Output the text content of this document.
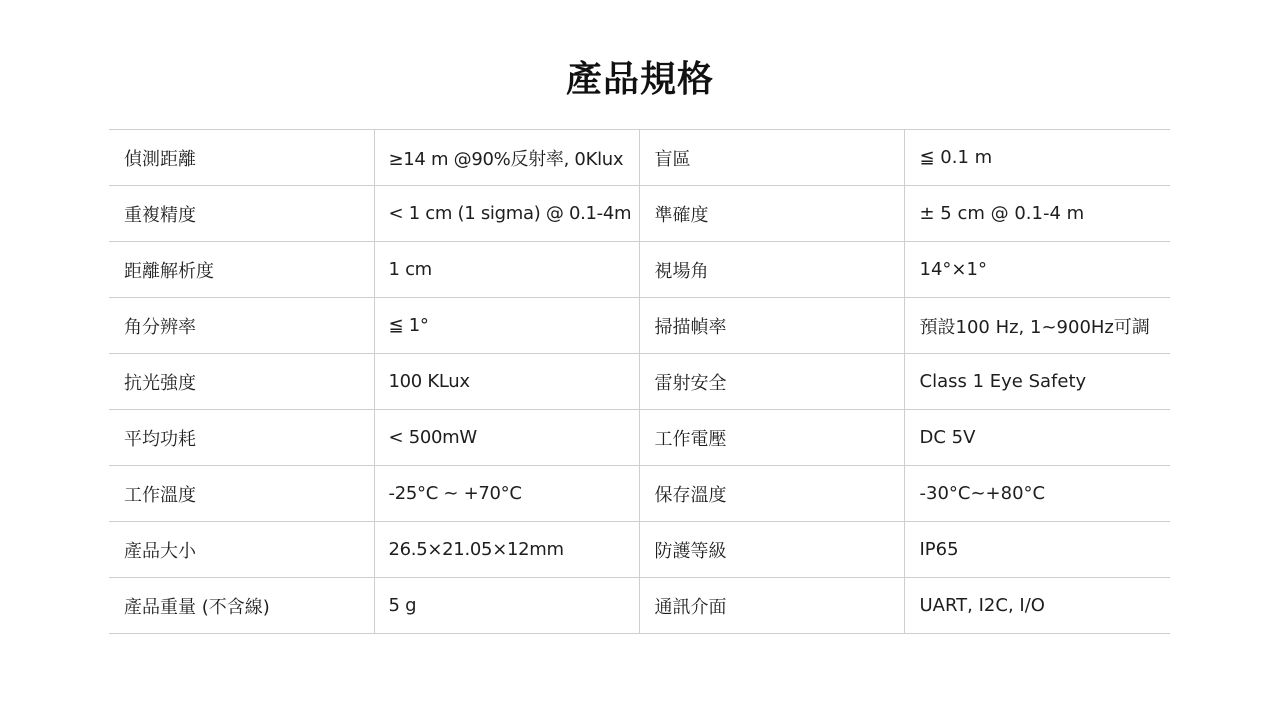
產品規格
偵測距離	≥14 m @90%反射率, 0Klux	盲區	≦ 0.1 m
重複精度	< 1 cm (1 sigma) @ 0.1-4m	準確度	± 5 cm @ 0.1-4 m
距離解析度	1 cm	視場角	14°×1°
角分辨率	≦ 1°	掃描幀率	預設100 Hz, 1~900Hz可調
抗光強度	100 KLux	雷射安全	Class 1 Eye Safety
平均功耗	< 500mW	工作電壓	DC 5V
工作溫度	-25°C ~ +70°C	保存溫度	-30°C~+80°C
產品大小	26.5×21.05×12mm	防護等級	IP65
產品重量 (不含線)	5 g	通訊介面	UART, I2C, I/O
